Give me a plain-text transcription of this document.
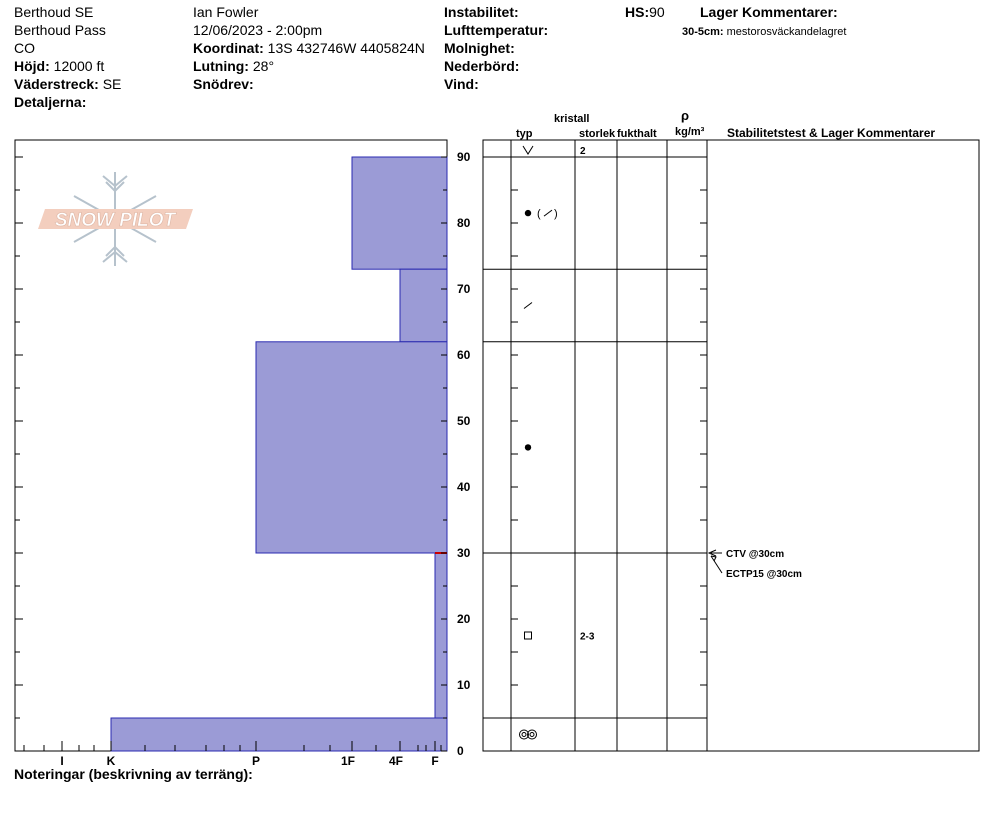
Berthoud SE
Berthoud Pass
CO
Höjd: 12000 ft
Väderstreck: SE
Detaljerna:
Ian Fowler
12/06/2023 - 2:00pm
Koordinat: 13S 432746W 4405824N
Lutning: 28°
Snödrev:
Instabilitet:
Lufttemperatur:
Molnighet:
Nederbörd:
Vind:
HS:90	Lager Kommentarer:
30-5cm: mestorosväckandelagret
kristall
typ	storlek fukthalt
ρ
kg/m³ Stabilitetstest & Lager Kommentarer
SNOW PILOT
0
10
20
30
40
50
60
70
80
90
I	K	P	1F	4F F
2
( )
2-3
CTV @30cm
ECTP15 @30cm
Noteringar (beskrivning av terräng):
